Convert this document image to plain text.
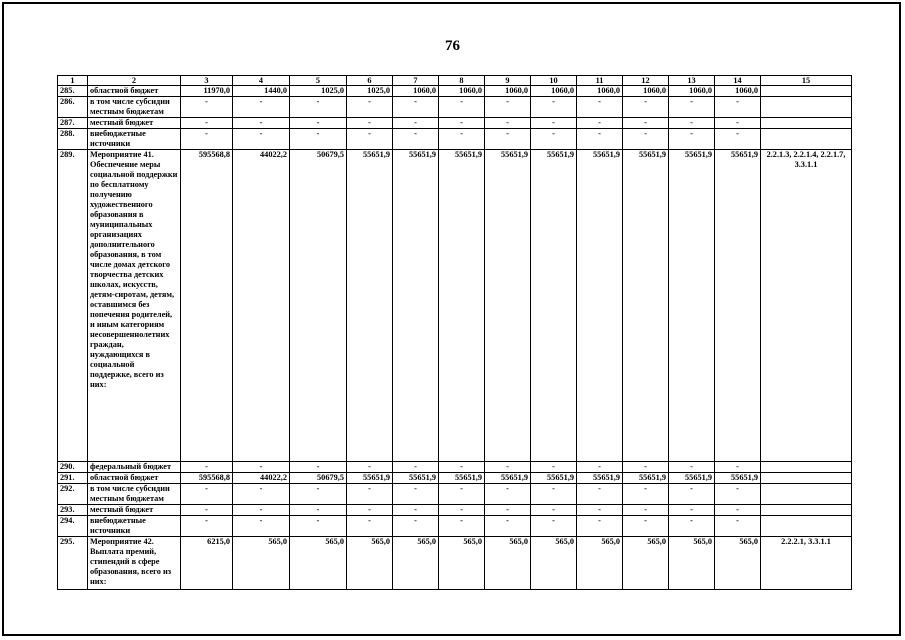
76
1	2	3	4	5	6	7	8	9	10	11	12	13	14	15
285.	областной бюджет	11970,0	1440,0	1025,0	1025,0	1060,0	1060,0	1060,0	1060,0	1060,0	1060,0	1060,0	1060,0	
286.	в том числе субсидии местным бюджетам	-	-	-	-	-	-	-	-	-	-	-	-	
287.	местный бюджет	-	-	-	-	-	-	-	-	-	-	-	-	
288.	внебюджетные источники	-	-	-	-	-	-	-	-	-	-	-	-	
289.	Мероприятие 41. Обеспечение меры социальной поддержки по бесплатному получению художественного образования в муниципальных организациях дополнительного образования, в том числе домах детского творчества детских школах, искусств, детям-сиротам, детям, оставшимся без попечения родителей, и иным категориям несовершеннолетних граждан, нуждающихся в социальной поддержке, всего из них:	595568,8	44022,2	50679,5	55651,9	55651,9	55651,9	55651,9	55651,9	55651,9	55651,9	55651,9	55651,9	2.2.1.3, 2.2.1.4, 2.2.1.7, 3.3.1.1
290.	федеральный бюджет	-	-	-	-	-	-	-	-	-	-	-	-	
291.	областной бюджет	595568,8	44022,2	50679,5	55651,9	55651,9	55651,9	55651,9	55651,9	55651,9	55651,9	55651,9	55651,9	
292.	в том числе субсидии местным бюджетам	-	-	-	-	-	-	-	-	-	-	-	-	
293.	местный бюджет	-	-	-	-	-	-	-	-	-	-	-	-	
294.	внебюджетные источники	-	-	-	-	-	-	-	-	-	-	-	-	
295.	Мероприятие 42. Выплата премий, стипендий в сфере образования, всего из них:	6215,0	565,0	565,0	565,0	565,0	565,0	565,0	565,0	565,0	565,0	565,0	565,0	2.2.2.1, 3.3.1.1
